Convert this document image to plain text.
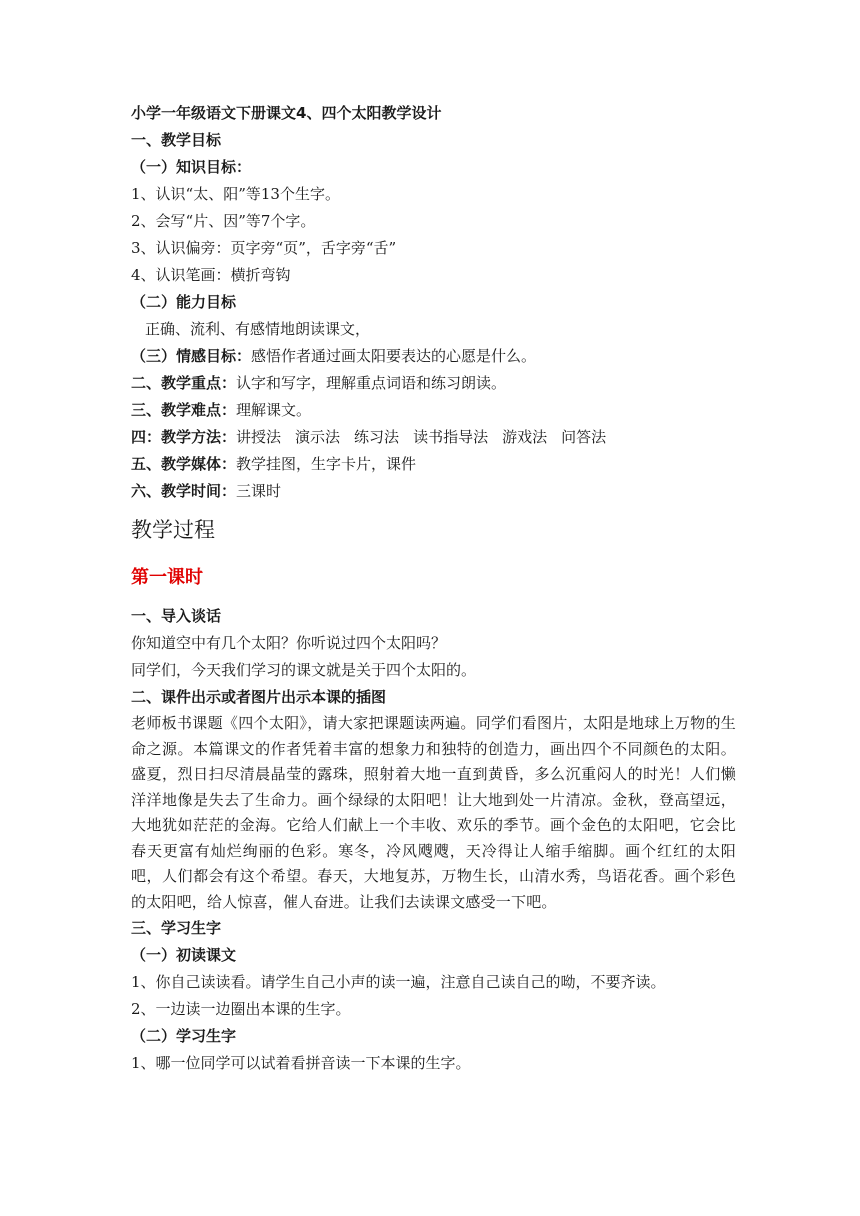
小学一年级语文下册课文4、四个太阳教学设计
一、教学目标
（一）知识目标：
1、认识“太、阳”等13个生字。
2、会写“片、因”等7个字。
3、认识偏旁：页字旁“页”，舌字旁“舌”
4、认识笔画：横折弯钩
（二）能力目标
正确、流利、有感情地朗读课文，
（三）情感目标：感悟作者通过画太阳要表达的心愿是什么。
二、教学重点：认字和写字，理解重点词语和练习朗读。
三、教学难点：理解课文。
四：教学方法：讲授法 演示法 练习法 读书指导法 游戏法 问答法
五、教学媒体：教学挂图，生字卡片，课件
六、教学时间：三课时
教学过程
第一课时
一、导入谈话
你知道空中有几个太阳？你听说过四个太阳吗？
同学们，今天我们学习的课文就是关于四个太阳的。
二、课件出示或者图片出示本课的插图
老师板书课题《四个太阳》，请大家把课题读两遍。同学们看图片，太阳是地球上万物的生命之源。本篇课文的作者凭着丰富的想象力和独特的创造力，画出四个不同颜色的太阳。盛夏，烈日扫尽清晨晶莹的露珠，照射着大地一直到黄昏，多么沉重闷人的时光！人们懒洋洋地像是失去了生命力。画个绿绿的太阳吧！让大地到处一片清凉。金秋，登高望远，大地犹如茫茫的金海。它给人们献上一个丰收、欢乐的季节。画个金色的太阳吧，它会比春天更富有灿烂绚丽的色彩。寒冬，冷风飕飕，天冷得让人缩手缩脚。画个红红的太阳吧，人们都会有这个希望。春天，大地复苏，万物生长，山清水秀，鸟语花香。画个彩色的太阳吧，给人惊喜，催人奋进。让我们去读课文感受一下吧。
三、学习生字
（一）初读课文
1、你自己读读看。请学生自己小声的读一遍，注意自己读自己的呦，不要齐读。
2、一边读一边圈出本课的生字。
（二）学习生字
1、哪一位同学可以试着看拼音读一下本课的生字。
